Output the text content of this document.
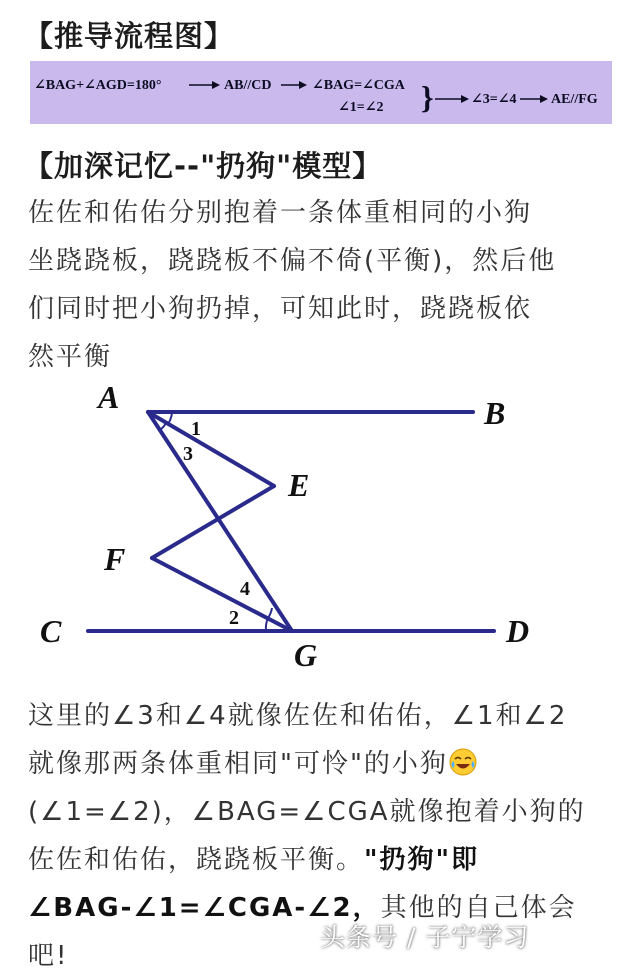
【推导流程图】
∠BAG+∠AGD=180°	AB//CD	∠BAG=∠CGA
∠1=∠2 }	∠3=∠4 AE//FG
【加深记忆--"扔狗"模型】
佐佐和佑佑分别抱着一条体重相同的小狗
坐跷跷板，跷跷板不偏不倚(平衡)，然后他
们同时把小狗扔掉，可知此时，跷跷板依
然平衡
A	B
E
F
C	D
G
1
3
4
2
这里的∠3和∠4就像佐佐和佑佑，∠1和∠2
就像那两条体重相同"可怜"的小狗
(∠1=∠2)，∠BAG=∠CGA就像抱着小狗的
佐佐和佑佑，跷跷板平衡。"扔狗"即
∠BAG-∠1=∠CGA-∠2，其他的自己体会
吧!
头条号 / 子宁学习
